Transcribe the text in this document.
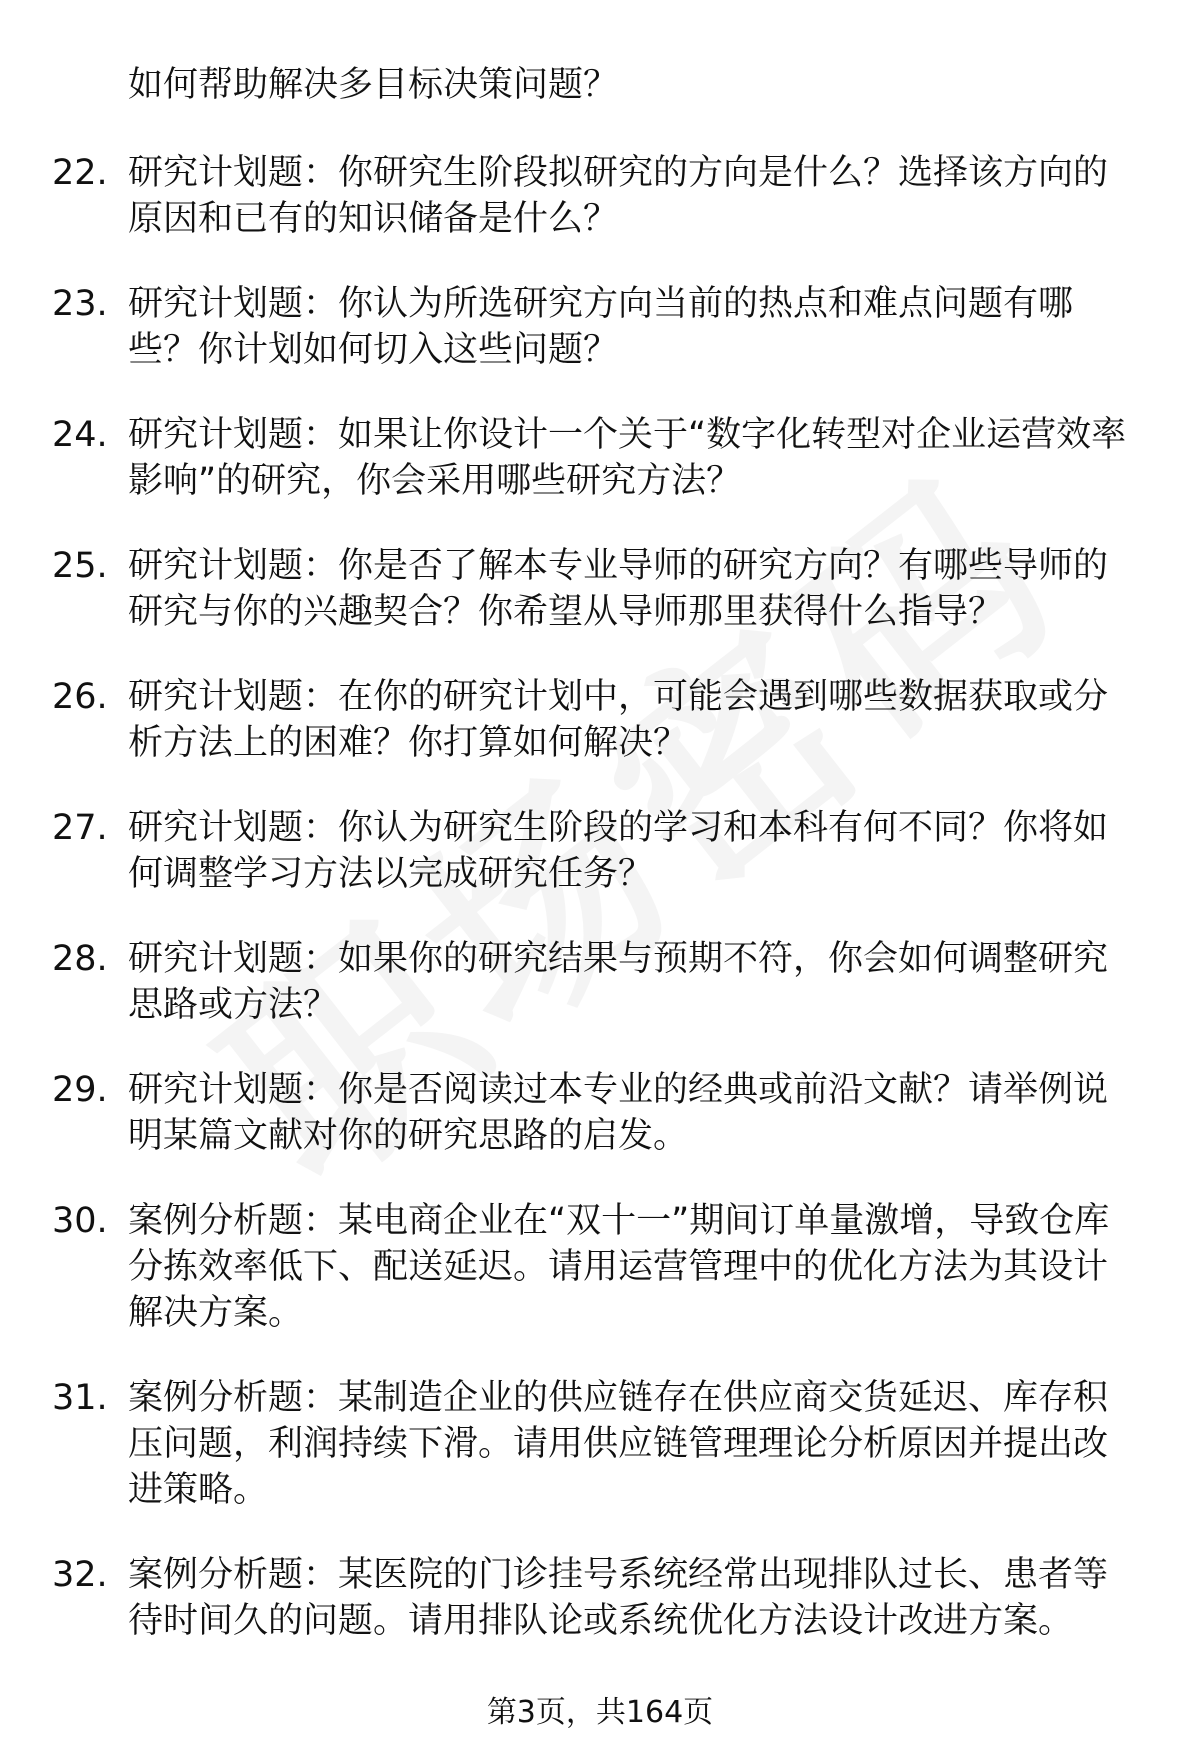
如何帮助解决多目标决策问题？
22. 研究计划题：你研究生阶段拟研究的方向是什么？选择该方向的原因和已有的知识储备是什么？
23. 研究计划题：你认为所选研究方向当前的热点和难点问题有哪些？你计划如何切入这些问题？
24. 研究计划题：如果让你设计一个关于“数字化转型对企业运营效率影响”的研究，你会采用哪些研究方法？
25. 研究计划题：你是否了解本专业导师的研究方向？有哪些导师的研究与你的兴趣契合？你希望从导师那里获得什么指导？
26. 研究计划题：在你的研究计划中，可能会遇到哪些数据获取或分析方法上的困难？你打算如何解决？
27. 研究计划题：你认为研究生阶段的学习和本科有何不同？你将如何调整学习方法以完成研究任务？
28. 研究计划题：如果你的研究结果与预期不符，你会如何调整研究思路或方法？
29. 研究计划题：你是否阅读过本专业的经典或前沿文献？请举例说明某篇文献对你的研究思路的启发。
30. 案例分析题：某电商企业在“双十一”期间订单量激增，导致仓库分拣效率低下、配送延迟。请用运营管理中的优化方法为其设计解决方案。
31. 案例分析题：某制造企业的供应链存在供应商交货延迟、库存积压问题，利润持续下滑。请用供应链管理理论分析原因并提出改进策略。
32. 案例分析题：某医院的门诊挂号系统经常出现排队过长、患者等待时间久的问题。请用排队论或系统优化方法设计改进方案。
第3页，共164页
